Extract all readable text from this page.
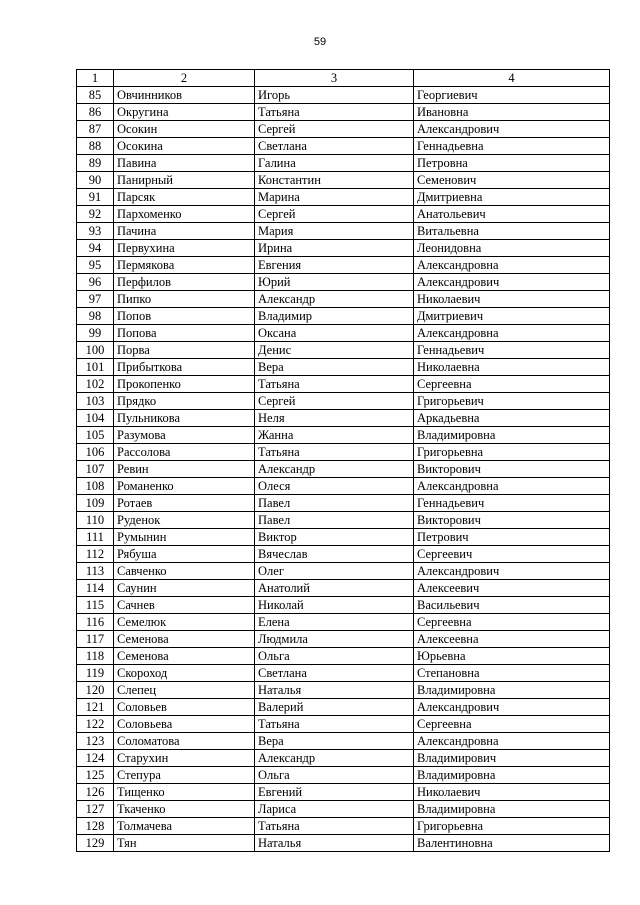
59
1	2	3	4
85	Овчинников	Игорь	Георгиевич
86	Округина	Татьяна	Ивановна
87	Осокин	Сергей	Александрович
88	Осокина	Светлана	Геннадьевна
89	Павина	Галина	Петровна
90	Панирный	Константин	Семенович
91	Парсяк	Марина	Дмитриевна
92	Пархоменко	Сергей	Анатольевич
93	Пачина	Мария	Витальевна
94	Первухина	Ирина	Леонидовна
95	Пермякова	Евгения	Александровна
96	Перфилов	Юрий	Александрович
97	Пипко	Александр	Николаевич
98	Попов	Владимир	Дмитриевич
99	Попова	Оксана	Александровна
100	Порва	Денис	Геннадьевич
101	Прибыткова	Вера	Николаевна
102	Прокопенко	Татьяна	Сергеевна
103	Прядко	Сергей	Григорьевич
104	Пульникова	Неля	Аркадьевна
105	Разумова	Жанна	Владимировна
106	Рассолова	Татьяна	Григорьевна
107	Ревин	Александр	Викторович
108	Романенко	Олеся	Александровна
109	Ротаев	Павел	Геннадьевич
110	Руденок	Павел	Викторович
111	Румынин	Виктор	Петрович
112	Рябуша	Вячеслав	Сергеевич
113	Савченко	Олег	Александрович
114	Саунин	Анатолий	Алексеевич
115	Сачнев	Николай	Васильевич
116	Семелюк	Елена	Сергеевна
117	Семенова	Людмила	Алексеевна
118	Семенова	Ольга	Юрьевна
119	Скороход	Светлана	Степановна
120	Слепец	Наталья	Владимировна
121	Соловьев	Валерий	Александрович
122	Соловьева	Татьяна	Сергеевна
123	Соломатова	Вера	Александровна
124	Старухин	Александр	Владимирович
125	Степура	Ольга	Владимировна
126	Тищенко	Евгений	Николаевич
127	Ткаченко	Лариса	Владимировна
128	Толмачева	Татьяна	Григорьевна
129	Тян	Наталья	Валентиновна
